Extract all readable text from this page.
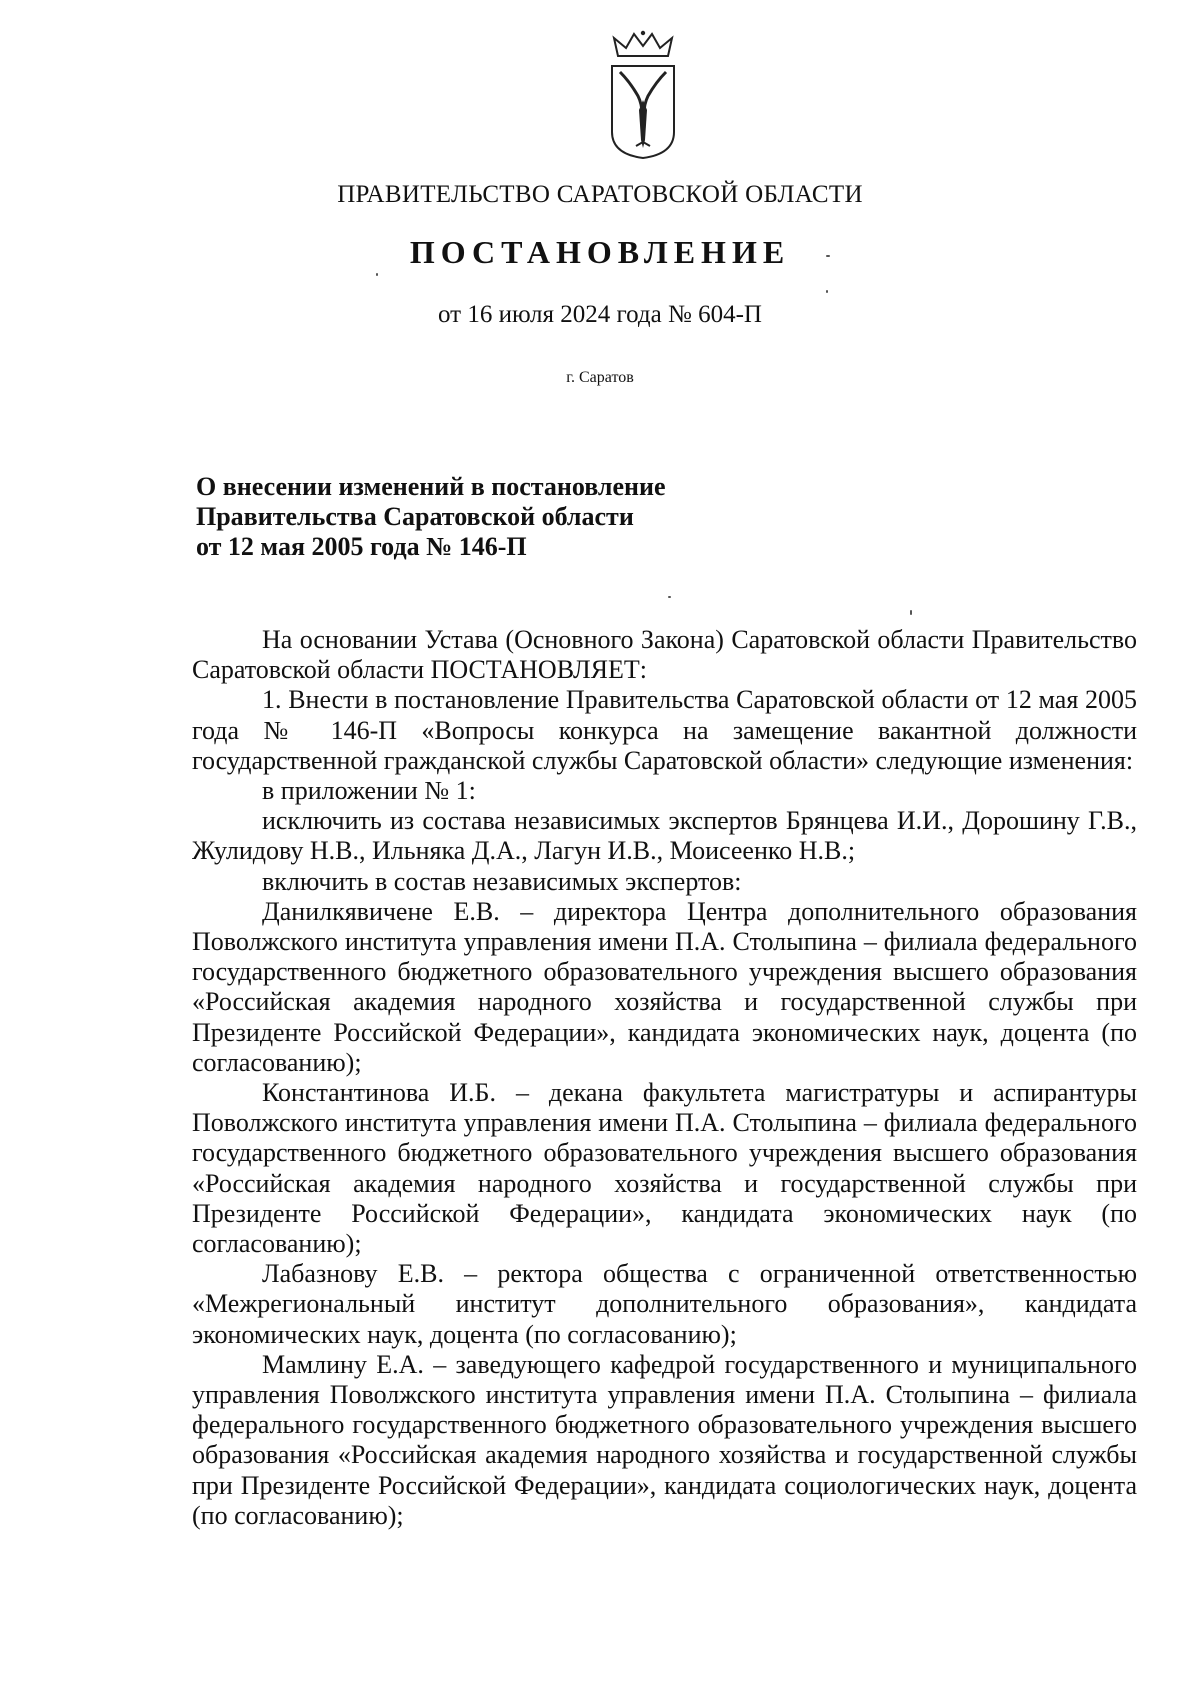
ПРАВИТЕЛЬСТВО САРАТОВСКОЙ ОБЛАСТИ
ПОСТАНОВЛЕНИЕ
от 16 июля 2024 года № 604-П
г. Саратов
О внесении изменений в постановление
Правительства Саратовской области
от 12 мая 2005 года № 146-П

На основании Устава (Основного Закона) Саратовской области Правительство Саратовской области ПОСТАНОВЛЯЕТ:

1. Внести в постановление Правительства Саратовской области от 12 мая 2005 года № 146-П «Вопросы конкурса на замещение вакантной должности государственной гражданской службы Саратовской области» следующие изменения:

в приложении № 1:

исключить из состава независимых экспертов Брянцева И.И., Дорошину Г.В., Жулидову Н.В., Ильняка Д.А., Лагун И.В., Моисеенко Н.В.;

включить в состав независимых экспертов:

Данилкявичене Е.В. – директора Центра дополнительного образования Поволжского института управления имени П.А. Столыпина – филиала федерального государственного бюджетного образовательного учреждения высшего образования «Российская академия народного хозяйства и государственной службы при Президенте Российской Федерации», кандидата экономических наук, доцента (по согласованию);

Константинова И.Б. – декана факультета магистратуры и аспирантуры Поволжского института управления имени П.А. Столыпина – филиала федерального государственного бюджетного образовательного учреждения высшего образования «Российская академия народного хозяйства и государственной службы при Президенте Российской Федерации», кандидата экономических наук (по согласованию);

Лабазнову Е.В. – ректора общества с ограниченной ответственностью «Межрегиональный институт дополнительного образования», кандидата экономических наук, доцента (по согласованию);

Мамлину Е.А. – заведующего кафедрой государственного и муниципального управления Поволжского института управления имени П.А. Столыпина – филиала федерального государственного бюджетного образовательного учреждения высшего образования «Российская академия народного хозяйства и государственной службы при Президенте Российской Федерации», кандидата социологических наук, доцента (по согласованию);
